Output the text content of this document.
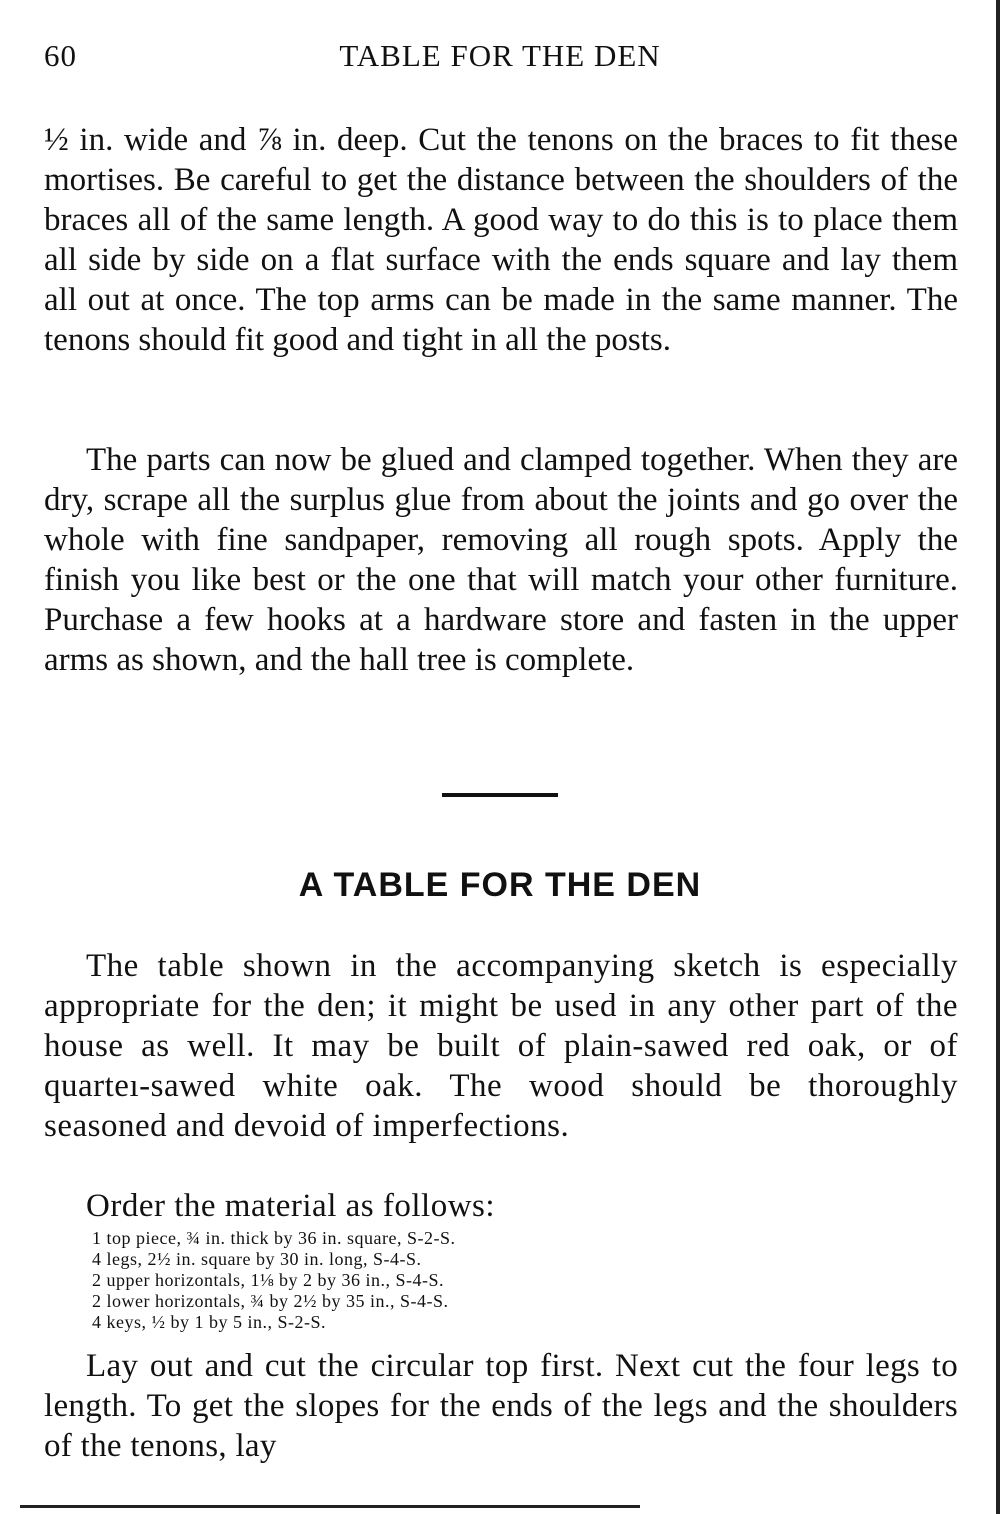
60	TABLE FOR THE DEN

½ in. wide and ⅞ in. deep. Cut the tenons on the braces to fit these mortises. Be careful to get the distance between the shoulders of the braces all of the same length. A good way to do this is to place them all side by side on a flat surface with the ends square and lay them all out at once. The top arms can be made in the same manner. The tenons should fit good and tight in all the posts.

The parts can now be glued and clamped together. When they are dry, scrape all the surplus glue from about the joints and go over the whole with fine sandpaper, removing all rough spots. Apply the finish you like best or the one that will match your other furniture. Purchase a few hooks at a hardware store and fasten in the upper arms as shown, and the hall tree is complete.

A TABLE FOR THE DEN

The table shown in the accompanying sketch is especially appropriate for the den; it might be used in any other part of the house as well. It may be built of plain-sawed red oak, or of quarteı-sawed white oak. The wood should be thoroughly seasoned and devoid of imperfections.

Order the material as follows:
1 top piece, ¾ in. thick by 36 in. square, S-2-S.
4 legs, 2½ in. square by 30 in. long, S-4-S.
2 upper horizontals, 1⅛ by 2 by 36 in., S-4-S.
2 lower horizontals, ¾ by 2½ by 35 in., S-4-S.
4 keys, ½ by 1 by 5 in., S-2-S.

Lay out and cut the circular top first. Next cut the four legs to length. To get the slopes for the ends of the legs and the shoulders of the tenons, lay
